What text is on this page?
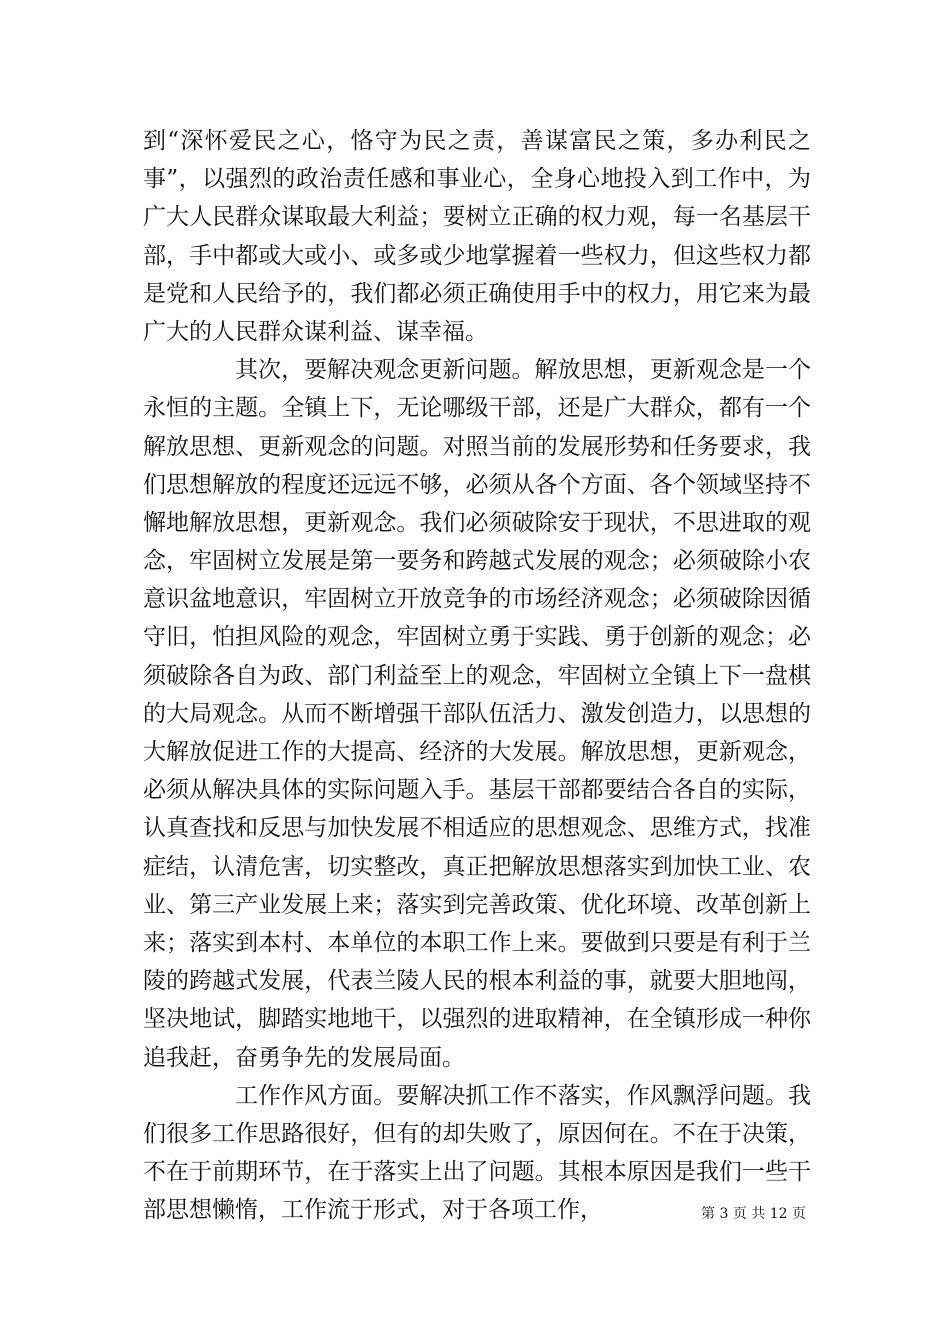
到“深怀爱民之心，恪守为民之责，善谋富民之策，多办利民之
事”，以强烈的政治责任感和事业心，全身心地投入到工作中，为
广大人民群众谋取最大利益；要树立正确的权力观，每一名基层干
部，手中都或大或小、或多或少地掌握着一些权力，但这些权力都
是党和人民给予的，我们都必须正确使用手中的权力，用它来为最
广大的人民群众谋利益、谋幸福。
其次，要解决观念更新问题。解放思想，更新观念是一个
永恒的主题。全镇上下，无论哪级干部，还是广大群众，都有一个
解放思想、更新观念的问题。对照当前的发展形势和任务要求，我
们思想解放的程度还远远不够，必须从各个方面、各个领域坚持不
懈地解放思想，更新观念。我们必须破除安于现状，不思进取的观
念，牢固树立发展是第一要务和跨越式发展的观念；必须破除小农
意识盆地意识，牢固树立开放竞争的市场经济观念；必须破除因循
守旧，怕担风险的观念，牢固树立勇于实践、勇于创新的观念；必
须破除各自为政、部门利益至上的观念，牢固树立全镇上下一盘棋
的大局观念。从而不断增强干部队伍活力、激发创造力，以思想的
大解放促进工作的大提高、经济的大发展。解放思想，更新观念，
必须从解决具体的实际问题入手。基层干部都要结合各自的实际，
认真查找和反思与加快发展不相适应的思想观念、思维方式，找准
症结，认清危害，切实整改，真正把解放思想落实到加快工业、农
业、第三产业发展上来；落实到完善政策、优化环境、改革创新上
来；落实到本村、本单位的本职工作上来。要做到只要是有利于兰
陵的跨越式发展，代表兰陵人民的根本利益的事，就要大胆地闯，
坚决地试，脚踏实地地干，以强烈的进取精神，在全镇形成一种你
追我赶，奋勇争先的发展局面。
工作作风方面。要解决抓工作不落实，作风飘浮问题。我
们很多工作思路很好，但有的却失败了，原因何在。不在于决策，
不在于前期环节，在于落实上出了问题。其根本原因是我们一些干
部思想懒惰，工作流于形式，对于各项工作，	第 3 页 共 12 页
